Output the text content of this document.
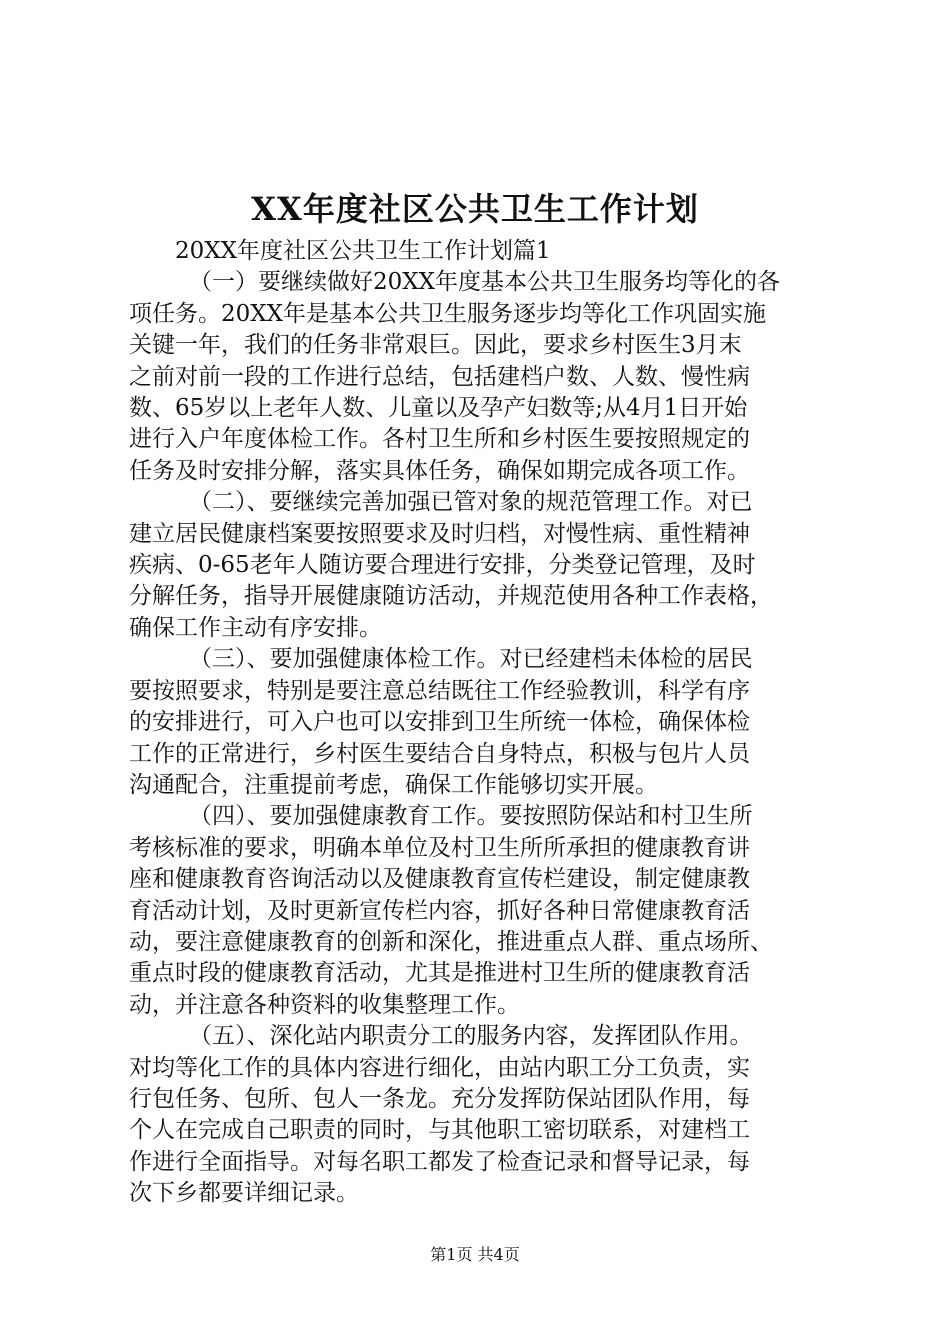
XX年度社区公共卫生工作计划

20XX年度社区公共卫生工作计划篇1

（一）要继续做好20XX年度基本公共卫生服务均等化的各

项任务。20XX年是基本公共卫生服务逐步均等化工作巩固实施

关键一年，我们的任务非常艰巨。因此，要求乡村医生3月末

之前对前一段的工作进行总结，包括建档户数、人数、慢性病

数、65岁以上老年人数、儿童以及孕产妇数等;从4月1日开始

进行入户年度体检工作。各村卫生所和乡村医生要按照规定的

任务及时安排分解，落实具体任务，确保如期完成各项工作。

（二）、要继续完善加强已管对象的规范管理工作。对已

建立居民健康档案要按照要求及时归档，对慢性病、重性精神

疾病、0-65老年人随访要合理进行安排，分类登记管理，及时

分解任务，指导开展健康随访活动，并规范使用各种工作表格，

确保工作主动有序安排。

（三）、要加强健康体检工作。对已经建档未体检的居民

要按照要求，特别是要注意总结既往工作经验教训，科学有序

的安排进行，可入户也可以安排到卫生所统一体检，确保体检

工作的正常进行，乡村医生要结合自身特点，积极与包片人员

沟通配合，注重提前考虑，确保工作能够切实开展。

（四）、要加强健康教育工作。要按照防保站和村卫生所

考核标准的要求，明确本单位及村卫生所所承担的健康教育讲

座和健康教育咨询活动以及健康教育宣传栏建设，制定健康教

育活动计划，及时更新宣传栏内容，抓好各种日常健康教育活

动，要注意健康教育的创新和深化，推进重点人群、重点场所、

重点时段的健康教育活动，尤其是推进村卫生所的健康教育活

动，并注意各种资料的收集整理工作。

（五）、深化站内职责分工的服务内容，发挥团队作用。

对均等化工作的具体内容进行细化，由站内职工分工负责，实

行包任务、包所、包人一条龙。充分发挥防保站团队作用，每

个人在完成自己职责的同时，与其他职工密切联系，对建档工

作进行全面指导。对每名职工都发了检查记录和督导记录，每

次下乡都要详细记录。

第1页 共4页
